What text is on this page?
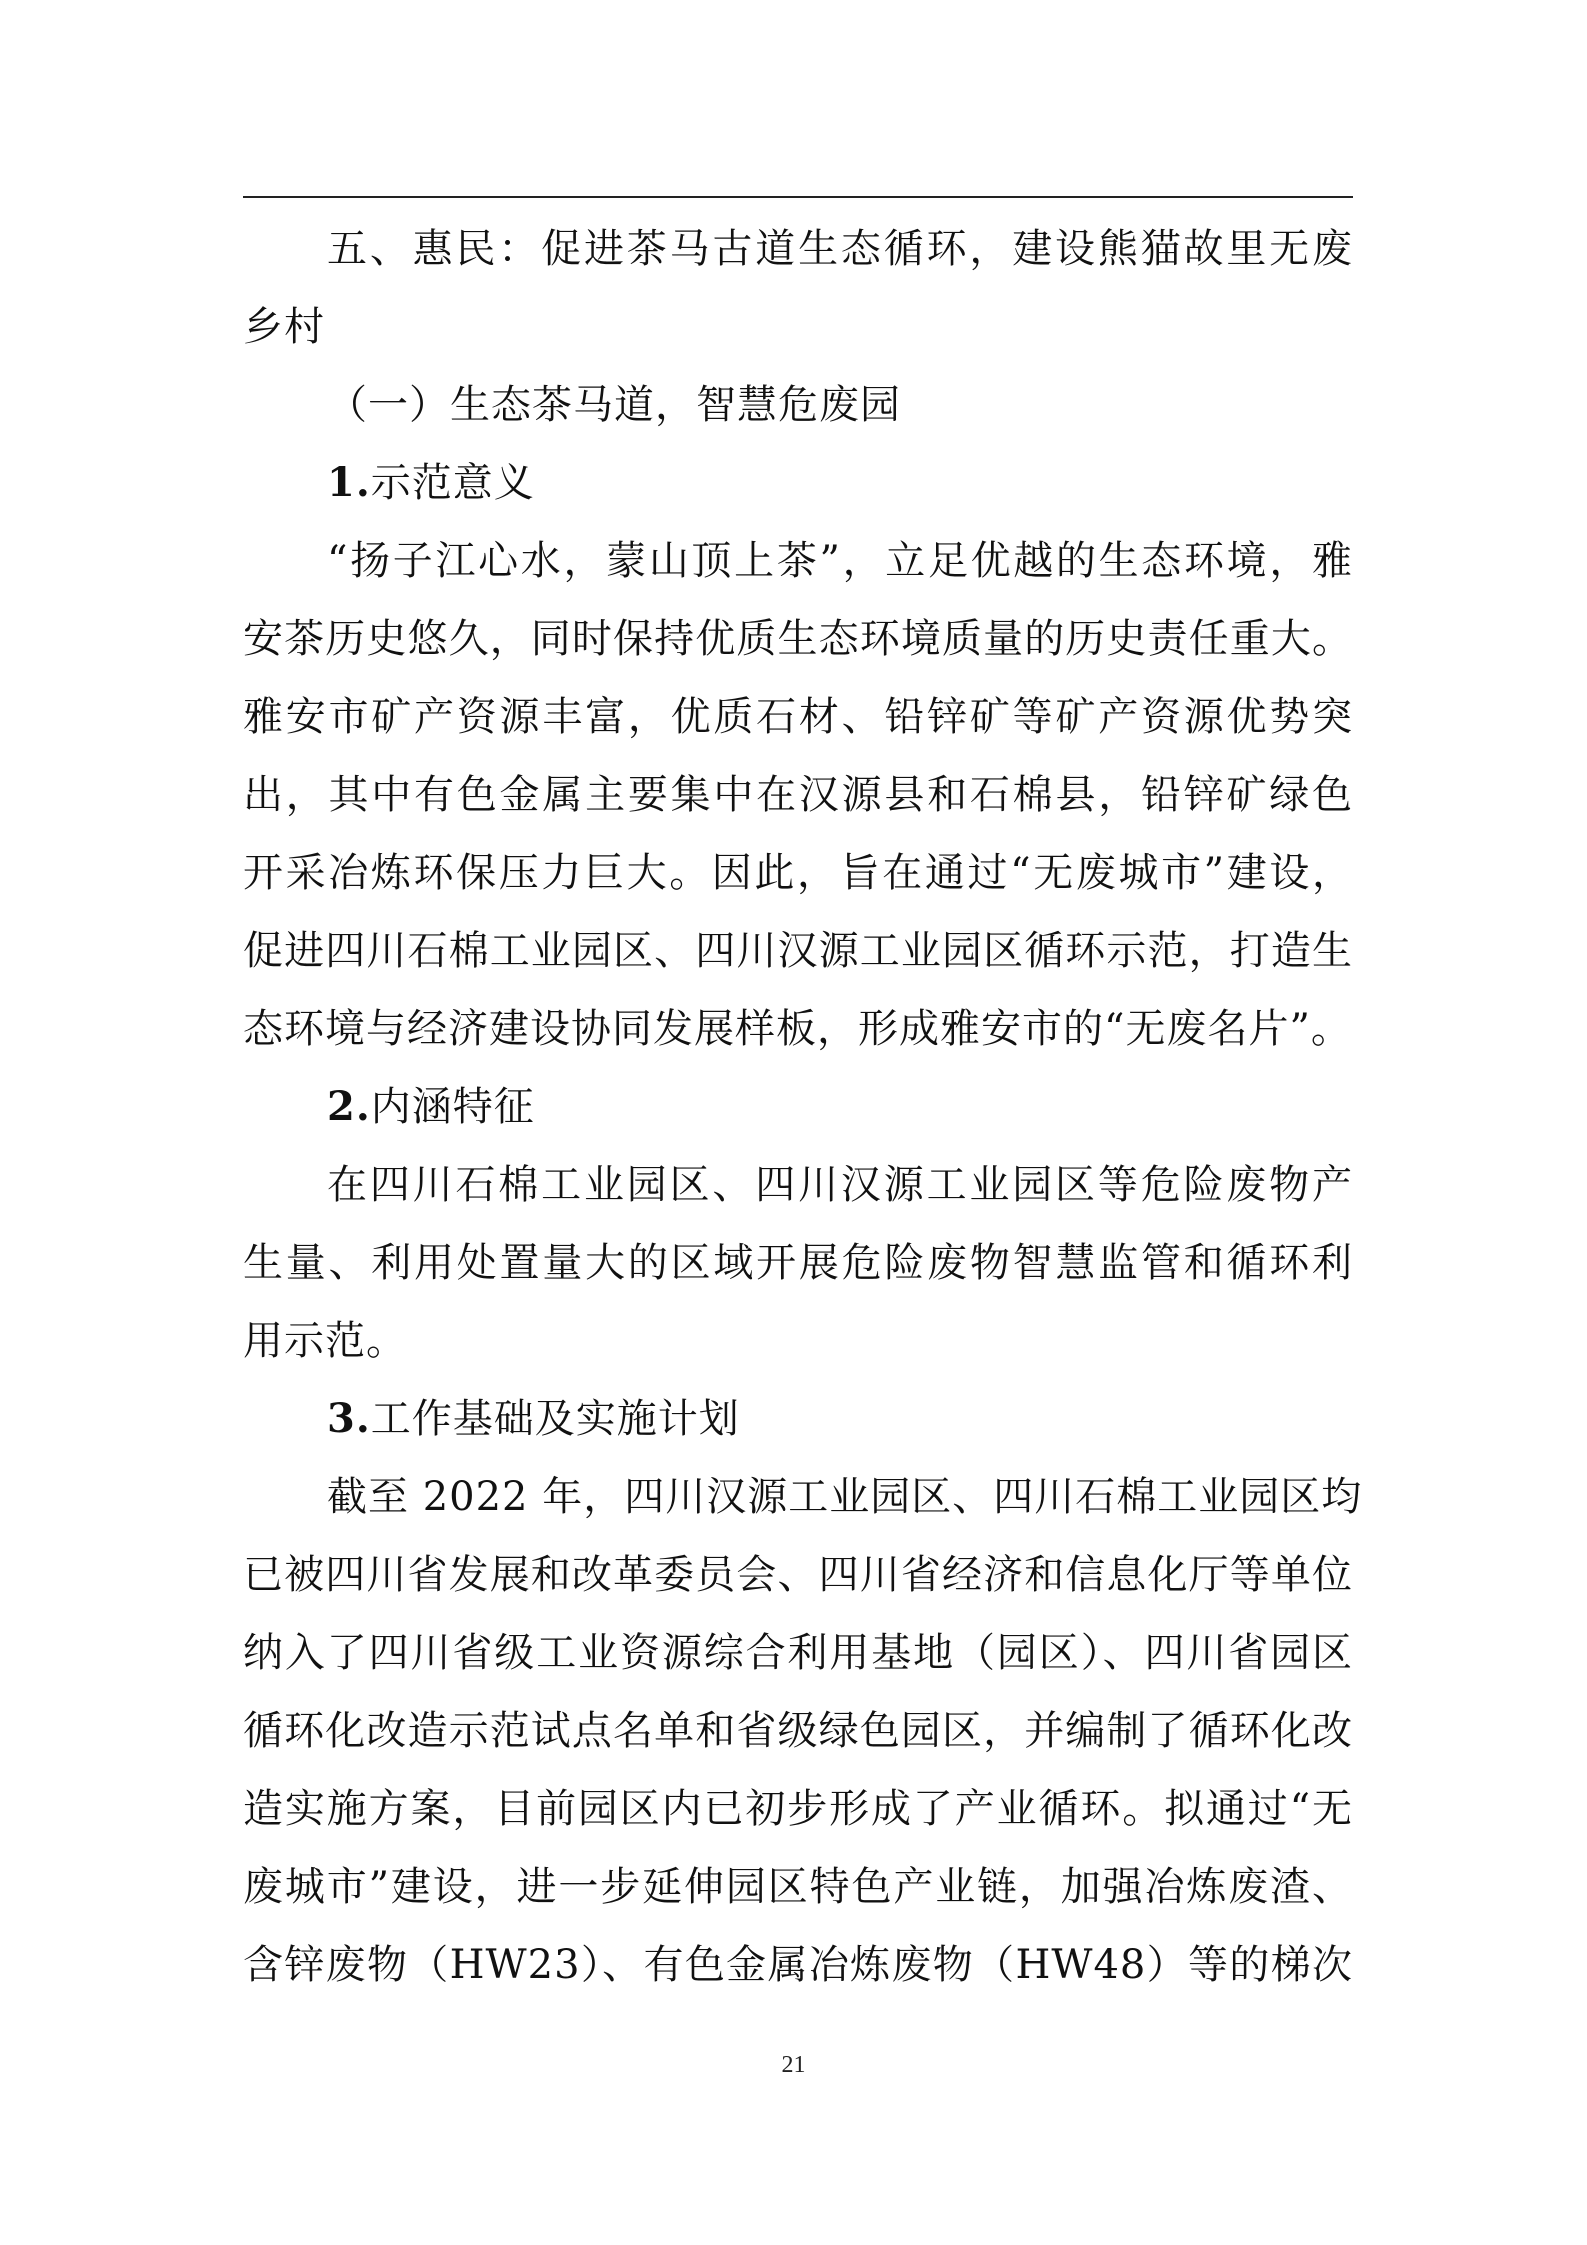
五、惠民：促进茶马古道生态循环，建设熊猫故里无废
乡村
（一）生态茶马道，智慧危废园
1.示范意义
“扬子江心水，蒙山顶上茶”，立足优越的生态环境，雅
安茶历史悠久，同时保持优质生态环境质量的历史责任重大。
雅安市矿产资源丰富，优质石材、铅锌矿等矿产资源优势突
出，其中有色金属主要集中在汉源县和石棉县，铅锌矿绿色
开采冶炼环保压力巨大。因此，旨在通过“无废城市”建设，
促进四川石棉工业园区、四川汉源工业园区循环示范，打造生
态环境与经济建设协同发展样板，形成雅安市的“无废名片”。
2.内涵特征
在四川石棉工业园区、四川汉源工业园区等危险废物产
生量、利用处置量大的区域开展危险废物智慧监管和循环利
用示范。
3.工作基础及实施计划
截至 2022 年，四川汉源工业园区、四川石棉工业园区均
已被四川省发展和改革委员会、四川省经济和信息化厅等单位
纳入了四川省级工业资源综合利用基地（园区）、四川省园区
循环化改造示范试点名单和省级绿色园区，并编制了循环化改
造实施方案，目前园区内已初步形成了产业循环。拟通过“无
废城市”建设，进一步延伸园区特色产业链，加强冶炼废渣、
含锌废物（HW23）、有色金属冶炼废物（HW48）等的梯次
21
